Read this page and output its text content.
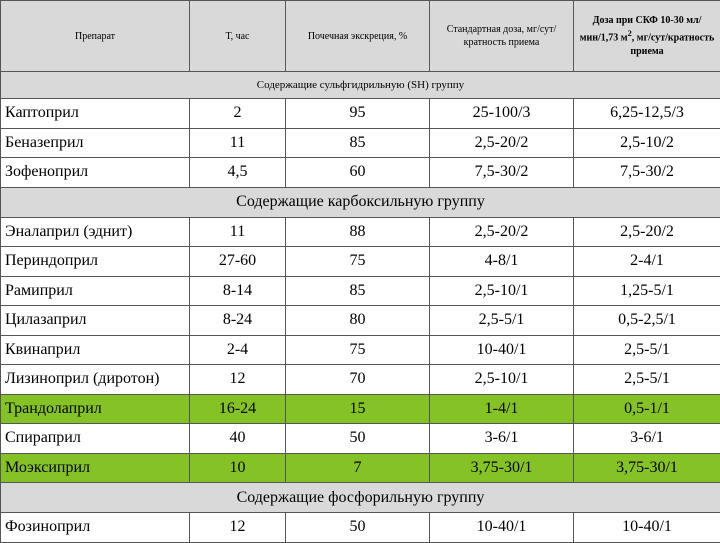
Препарат	Т, час	Почечная экскреция, %	Стандартная доза, мг/сут/кратность приема	Доза при СКФ 10-30 мл/мин/1,73 $м^2$, мг/сут/кратность приема
Содержащие сульфгидрильную (SH) группу				
Каптоприл	2	95	25-100/3	6,25-12,5/3
Беназеприл	11	85	2,5-20/2	2,5-10/2
Зофеноприл	4,5	60	7,5-30/2	7,5-30/2
Содержащие карбоксильную группу				
Эналаприл (эднит)	11	88	2,5-20/2	2,5-20/2
Периндоприл	27-60	75	4-8/1	2-4/1
Рамиприл	8-14	85	2,5-10/1	1,25-5/1
Цилазаприл	8-24	80	2,5-5/1	0,5-2,5/1
Квинаприл	2-4	75	10-40/1	2,5-5/1
Лизиноприл (диротон)	12	70	2,5-10/1	2,5-5/1
Трандолаприл	16-24	15	1-4/1	0,5-1/1
Спираприл	40	50	3-6/1	3-6/1
Моэксиприл	10	7	3,75-30/1	3,75-30/1
Содержащие фосфорильную группу				
Фозиноприл	12	50	10-40/1	10-40/1
